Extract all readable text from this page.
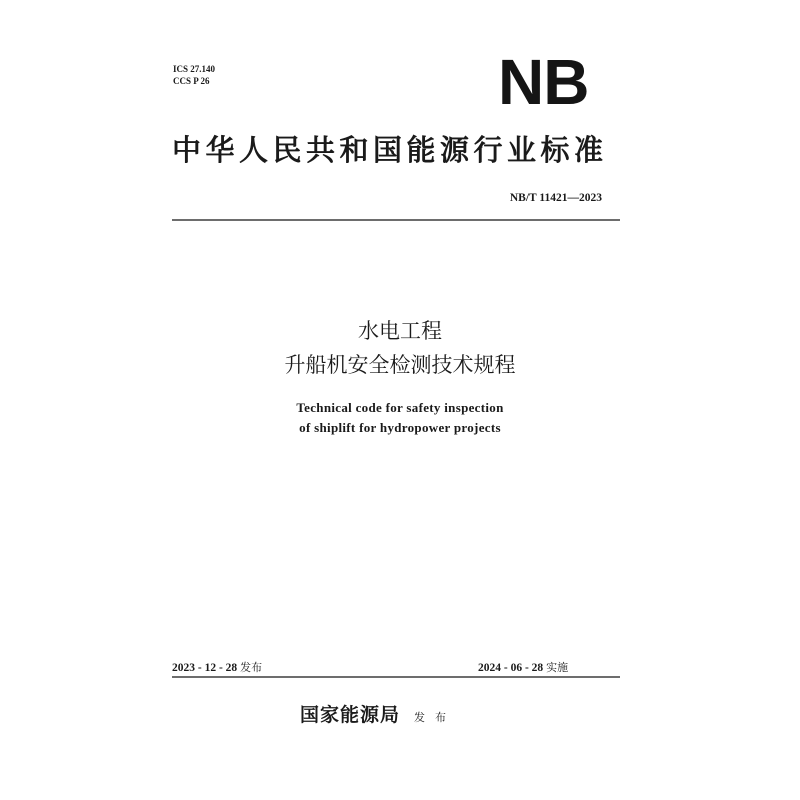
ICS 27.140
CCS P 26	NB
中华人民共和国能源行业标准
NB/T 11421—2023
水电工程
升船机安全检测技术规程
Technical code for safety inspection
of shiplift for hydropower projects
2023 - 12 - 28 发布	2024 - 06 - 28 实施
国家能源局 发布
